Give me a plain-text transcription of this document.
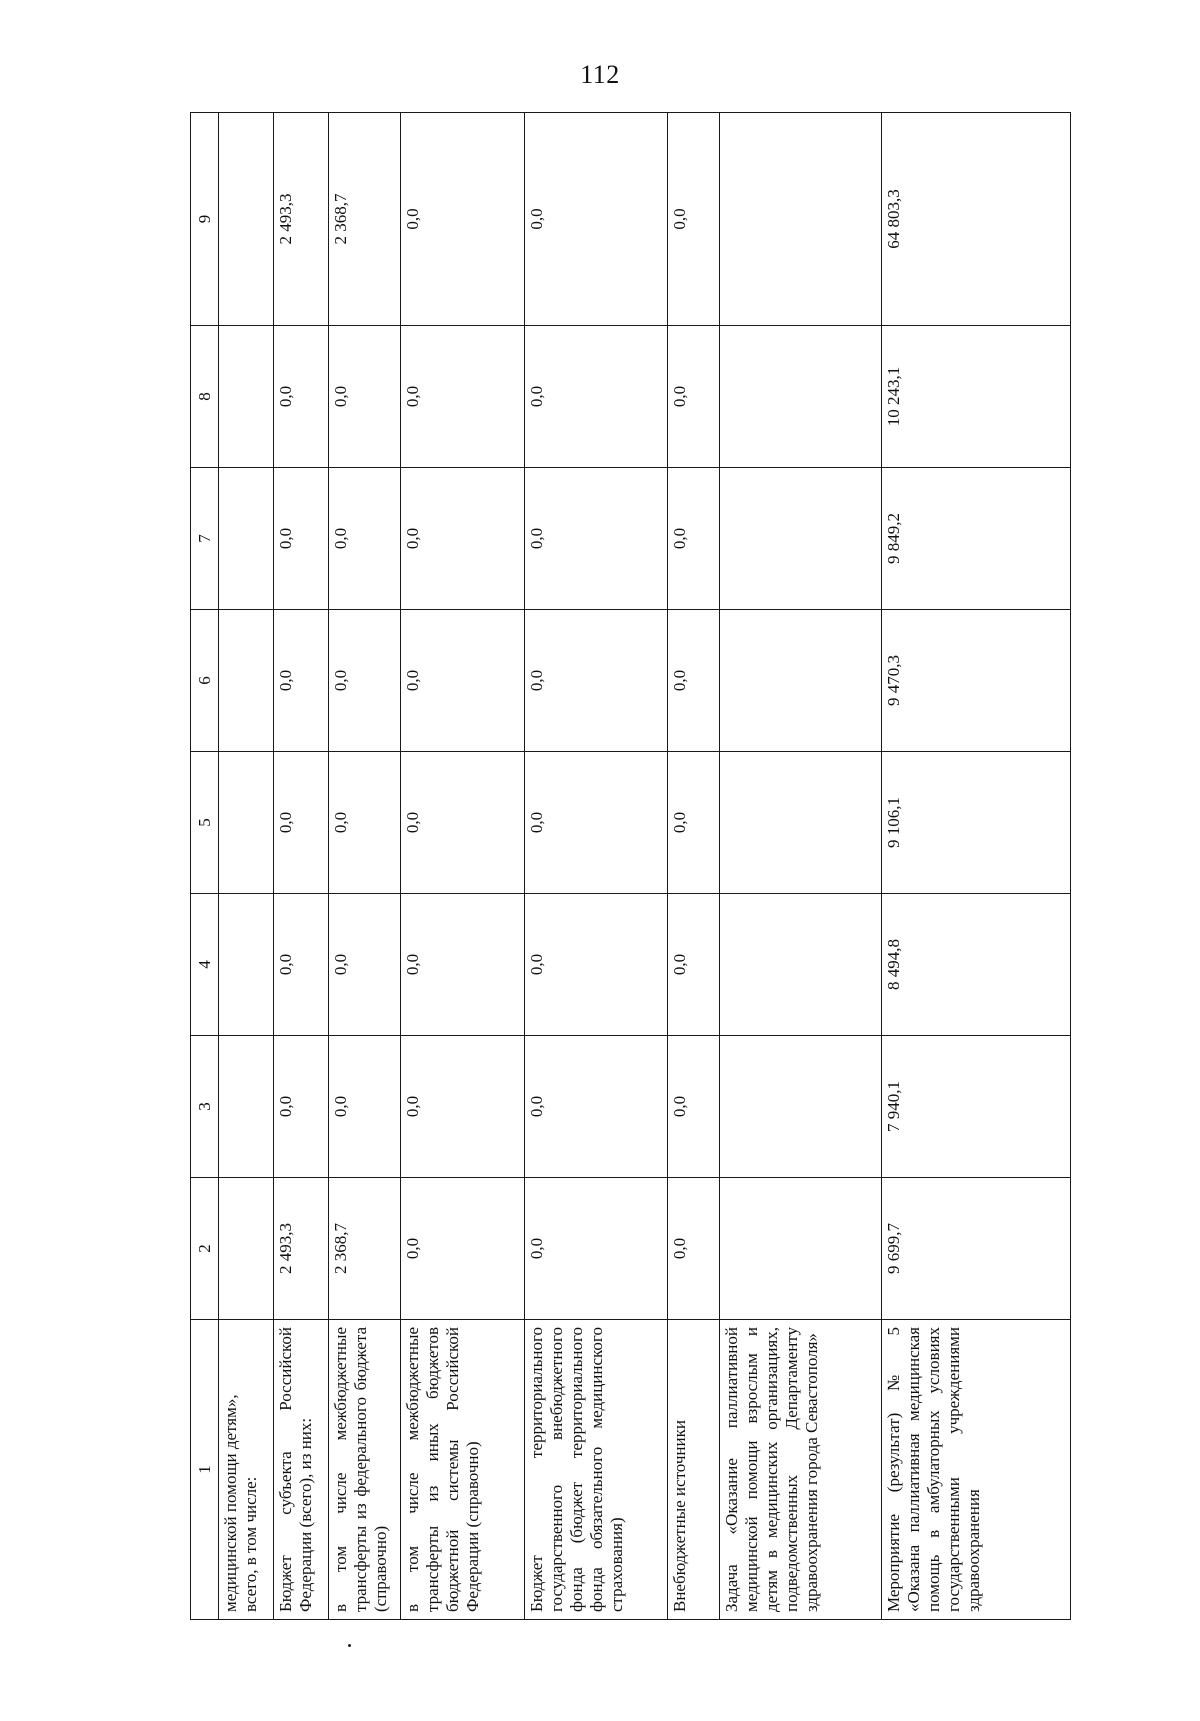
112
1	2	3	4	5	6	7	8	9
медицинской помощи детям»,
всего, в том числе:								
Бюджет субъекта Российской Федерации (всего), из них:	2 493,3	0,0	0,0	0,0	0,0	0,0	0,0	2 493,3
в том числе межбюджетные трансферты из федерального бюджета (справочно)	2 368,7	0,0	0,0	0,0	0,0	0,0	0,0	2 368,7
в том числе межбюджетные трансферты из иных бюджетов бюджетной системы Российской Федерации (справочно)	0,0	0,0	0,0	0,0	0,0	0,0	0,0	0,0
Бюджет территориального государственного внебюджетного фонда (бюджет территориального фонда обязательного медицинского страхования)	0,0	0,0	0,0	0,0	0,0	0,0	0,0	0,0
Внебюджетные источники	0,0	0,0	0,0	0,0	0,0	0,0	0,0	0,0
Задача «Оказание паллиативной медицинской помощи взрослым и детям в медицинских организациях, подведомственных Департаменту здравоохранения города Севастополя»								
Мероприятие (результат) № 5 «Оказана паллиативная медицинская помощь в амбулаторных условиях государственными учреждениями здравоохранения	9 699,7	7 940,1	8 494,8	9 106,1	9 470,3	9 849,2	10 243,1	64 803,3
